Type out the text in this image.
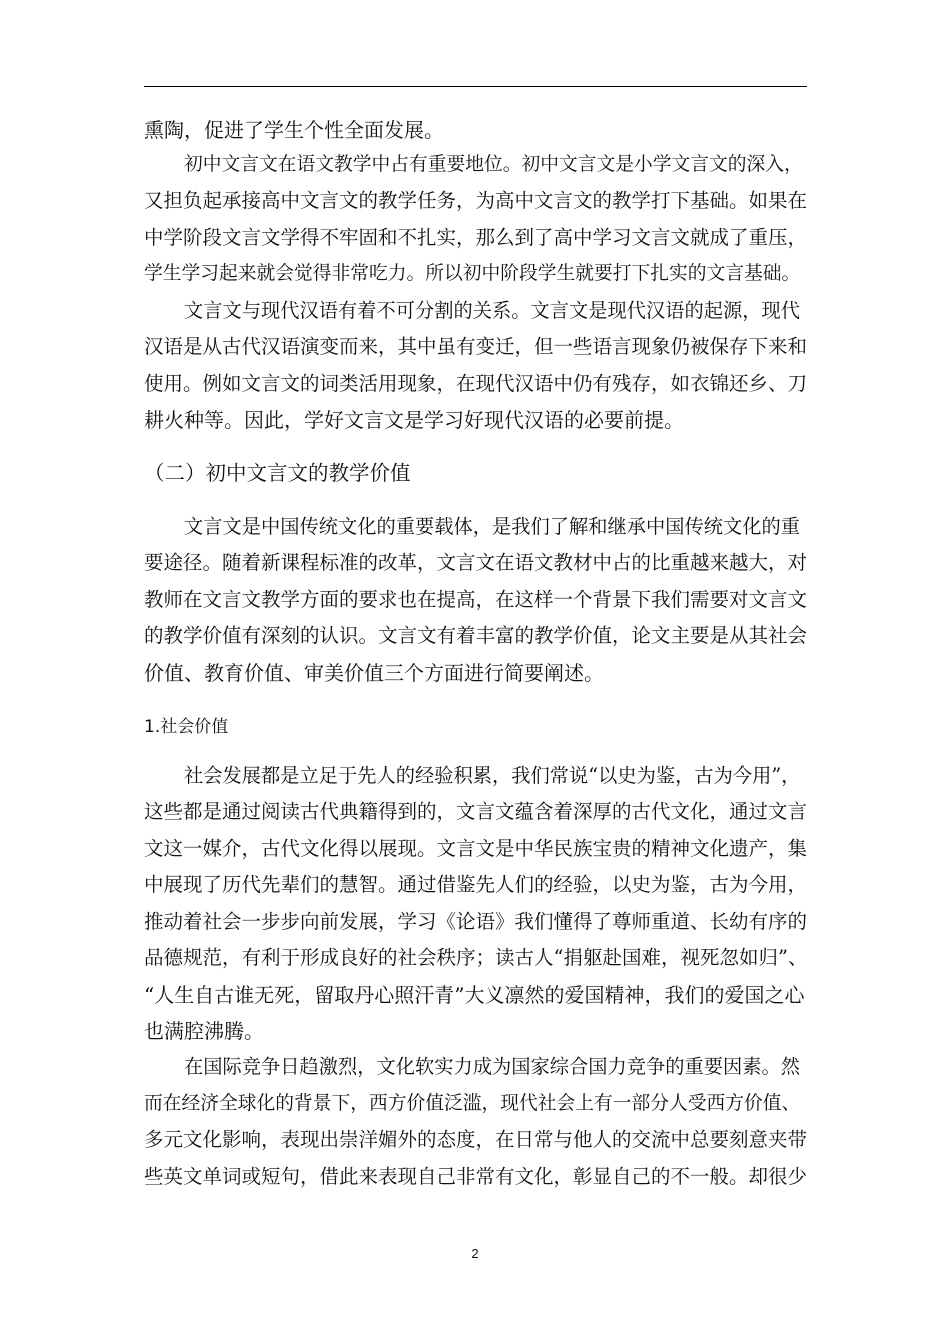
熏陶，促进了学生个性全面发展。
初中文言文在语文教学中占有重要地位。初中文言文是小学文言文的深入，
又担负起承接高中文言文的教学任务，为高中文言文的教学打下基础。如果在
中学阶段文言文学得不牢固和不扎实，那么到了高中学习文言文就成了重压，
学生学习起来就会觉得非常吃力。所以初中阶段学生就要打下扎实的文言基础。
文言文与现代汉语有着不可分割的关系。文言文是现代汉语的起源，现代
汉语是从古代汉语演变而来，其中虽有变迁，但一些语言现象仍被保存下来和
使用。例如文言文的词类活用现象，在现代汉语中仍有残存，如衣锦还乡、刀
耕火种等。因此，学好文言文是学习好现代汉语的必要前提。
（二）初中文言文的教学价值
文言文是中国传统文化的重要载体，是我们了解和继承中国传统文化的重
要途径。随着新课程标准的改革，文言文在语文教材中占的比重越来越大，对
教师在文言文教学方面的要求也在提高，在这样一个背景下我们需要对文言文
的教学价值有深刻的认识。文言文有着丰富的教学价值，论文主要是从其社会
价值、教育价值、审美价值三个方面进行简要阐述。
1.社会价值
社会发展都是立足于先人的经验积累，我们常说“以史为鉴，古为今用”，
这些都是通过阅读古代典籍得到的，文言文蕴含着深厚的古代文化，通过文言
文这一媒介，古代文化得以展现。文言文是中华民族宝贵的精神文化遗产，集
中展现了历代先辈们的慧智。通过借鉴先人们的经验，以史为鉴，古为今用，
推动着社会一步步向前发展，学习《论语》我们懂得了尊师重道、长幼有序的
品德规范，有利于形成良好的社会秩序；读古人“捐躯赴国难，视死忽如归”、
“人生自古谁无死，留取丹心照汗青”大义凛然的爱国精神，我们的爱国之心
也满腔沸腾。
在国际竞争日趋激烈，文化软实力成为国家综合国力竞争的重要因素。然
而在经济全球化的背景下，西方价值泛滥，现代社会上有一部分人受西方价值、
多元文化影响，表现出崇洋媚外的态度，在日常与他人的交流中总要刻意夹带
些英文单词或短句，借此来表现自己非常有文化，彰显自己的不一般。却很少
2
